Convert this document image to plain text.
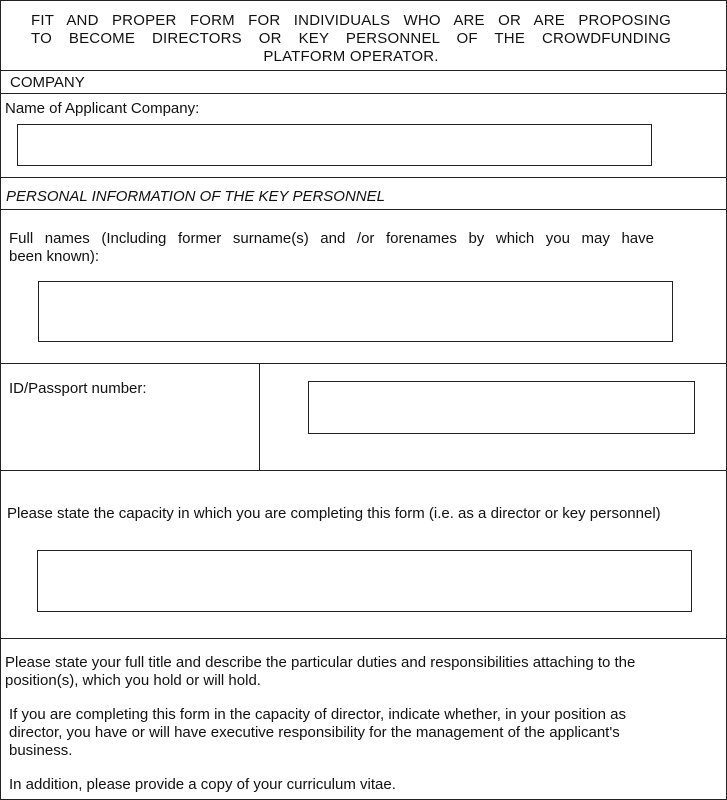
FIT AND PROPER FORM FOR INDIVIDUALS WHO ARE OR ARE PROPOSING
TO BECOME DIRECTORS OR KEY PERSONNEL OF THE CROWDFUNDING
PLATFORM OPERATOR.
COMPANY
Name of Applicant Company:
PERSONAL INFORMATION OF THE KEY PERSONNEL
Full names (Including former surname(s) and /or forenames by which you may have
been known):
ID/Passport number:
Please state the capacity in which you are completing this form (i.e. as a director or key personnel)
Please state your full title and describe the particular duties and responsibilities attaching to the
position(s), which you hold or will hold.
If you are completing this form in the capacity of director, indicate whether, in your position as
director, you have or will have executive responsibility for the management of the applicant's
business.
In addition, please provide a copy of your curriculum vitae.
